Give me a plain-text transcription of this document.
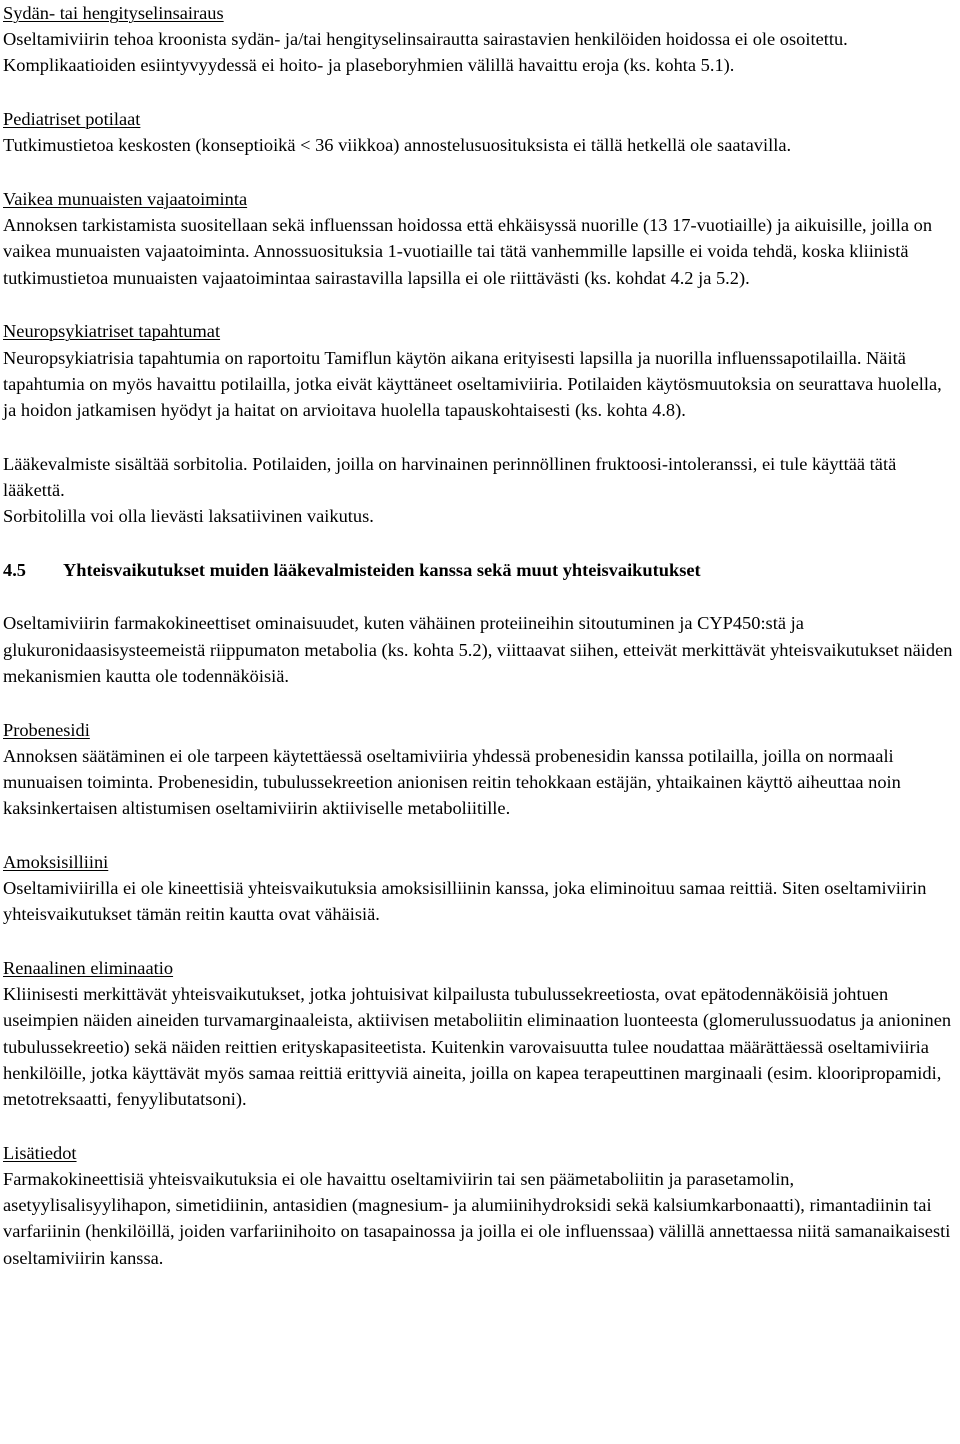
Sydän- tai hengityselinsairaus

Oseltamiviirin tehoa kroonista sydän- ja/tai hengityselinsairautta sairastavien henkilöiden hoidossa ei ole osoitettu. Komplikaatioiden esiintyvyydessä ei hoito- ja plaseboryhmien välillä havaittu eroja (ks. kohta 5.1).

Pediatriset potilaat

Tutkimustietoa keskosten (konseptioikä < 36 viikkoa) annostelusuosituksista ei tällä hetkellä ole saatavilla.

Vaikea munuaisten vajaatoiminta

Annoksen tarkistamista suositellaan sekä influenssan hoidossa että ehkäisyssä nuorille (13 17-vuotiaille) ja aikuisille, joilla on vaikea munuaisten vajaatoiminta. Annossuosituksia 1-vuotiaille tai tätä vanhemmille lapsille ei voida tehdä, koska kliinistä tutkimustietoa munuaisten vajaatoimintaa sairastavilla lapsilla ei ole riittävästi (ks. kohdat 4.2 ja 5.2).

Neuropsykiatriset tapahtumat

Neuropsykiatrisia tapahtumia on raportoitu Tamiflun käytön aikana erityisesti lapsilla ja nuorilla influenssapotilailla. Näitä tapahtumia on myös havaittu potilailla, jotka eivät käyttäneet oseltamiviiria. Potilaiden käytösmuutoksia on seurattava huolella, ja hoidon jatkamisen hyödyt ja haitat on arvioitava huolella tapauskohtaisesti (ks. kohta 4.8).

Lääkevalmiste sisältää sorbitolia. Potilaiden, joilla on harvinainen perinnöllinen fruktoosi-intoleranssi, ei tule käyttää tätä lääkettä.

Sorbitolilla voi olla lievästi laksatiivinen vaikutus.

4.5 Yhteisvaikutukset muiden lääkevalmisteiden kanssa sekä muut yhteisvaikutukset

Oseltamiviirin farmakokineettiset ominaisuudet, kuten vähäinen proteiineihin sitoutuminen ja CYP450:stä ja glukuronidaasisysteemeistä riippumaton metabolia (ks. kohta 5.2), viittaavat siihen, etteivät merkittävät yhteisvaikutukset näiden mekanismien kautta ole todennäköisiä.

Probenesidi

Annoksen säätäminen ei ole tarpeen käytettäessä oseltamiviiria yhdessä probenesidin kanssa potilailla, joilla on normaali munuaisen toiminta. Probenesidin, tubulussekreetion anionisen reitin tehokkaan estäjän, yhtaikainen käyttö aiheuttaa noin kaksinkertaisen altistumisen oseltamiviirin aktiiviselle metaboliitille.

Amoksisilliini

Oseltamiviirilla ei ole kineettisiä yhteisvaikutuksia amoksisilliinin kanssa, joka eliminoituu samaa reittiä. Siten oseltamiviirin yhteisvaikutukset tämän reitin kautta ovat vähäisiä.

Renaalinen eliminaatio

Kliinisesti merkittävät yhteisvaikutukset, jotka johtuisivat kilpailusta tubulussekreetiosta, ovat epätodennäköisiä johtuen useimpien näiden aineiden turvamarginaaleista, aktiivisen metaboliitin eliminaation luonteesta (glomerulussuodatus ja anioninen tubulussekreetio) sekä näiden reittien erityskapasiteetista. Kuitenkin varovaisuutta tulee noudattaa määrättäessä oseltamiviiria henkilöille, jotka käyttävät myös samaa reittiä erittyviä aineita, joilla on kapea terapeuttinen marginaali (esim. klooripropamidi, metotreksaatti, fenyylibutatsoni).

Lisätiedot

Farmakokineettisiä yhteisvaikutuksia ei ole havaittu oseltamiviirin tai sen päämetaboliitin ja parasetamolin, asetyylisalisyylihapon, simetidiinin, antasidien (magnesium- ja alumiinihydroksidi sekä kalsiumkarbonaatti), rimantadiinin tai varfariinin (henkilöillä, joiden varfariinihoito on tasapainossa ja joilla ei ole influenssaa) välillä annettaessa niitä samanaikaisesti oseltamiviirin kanssa.
